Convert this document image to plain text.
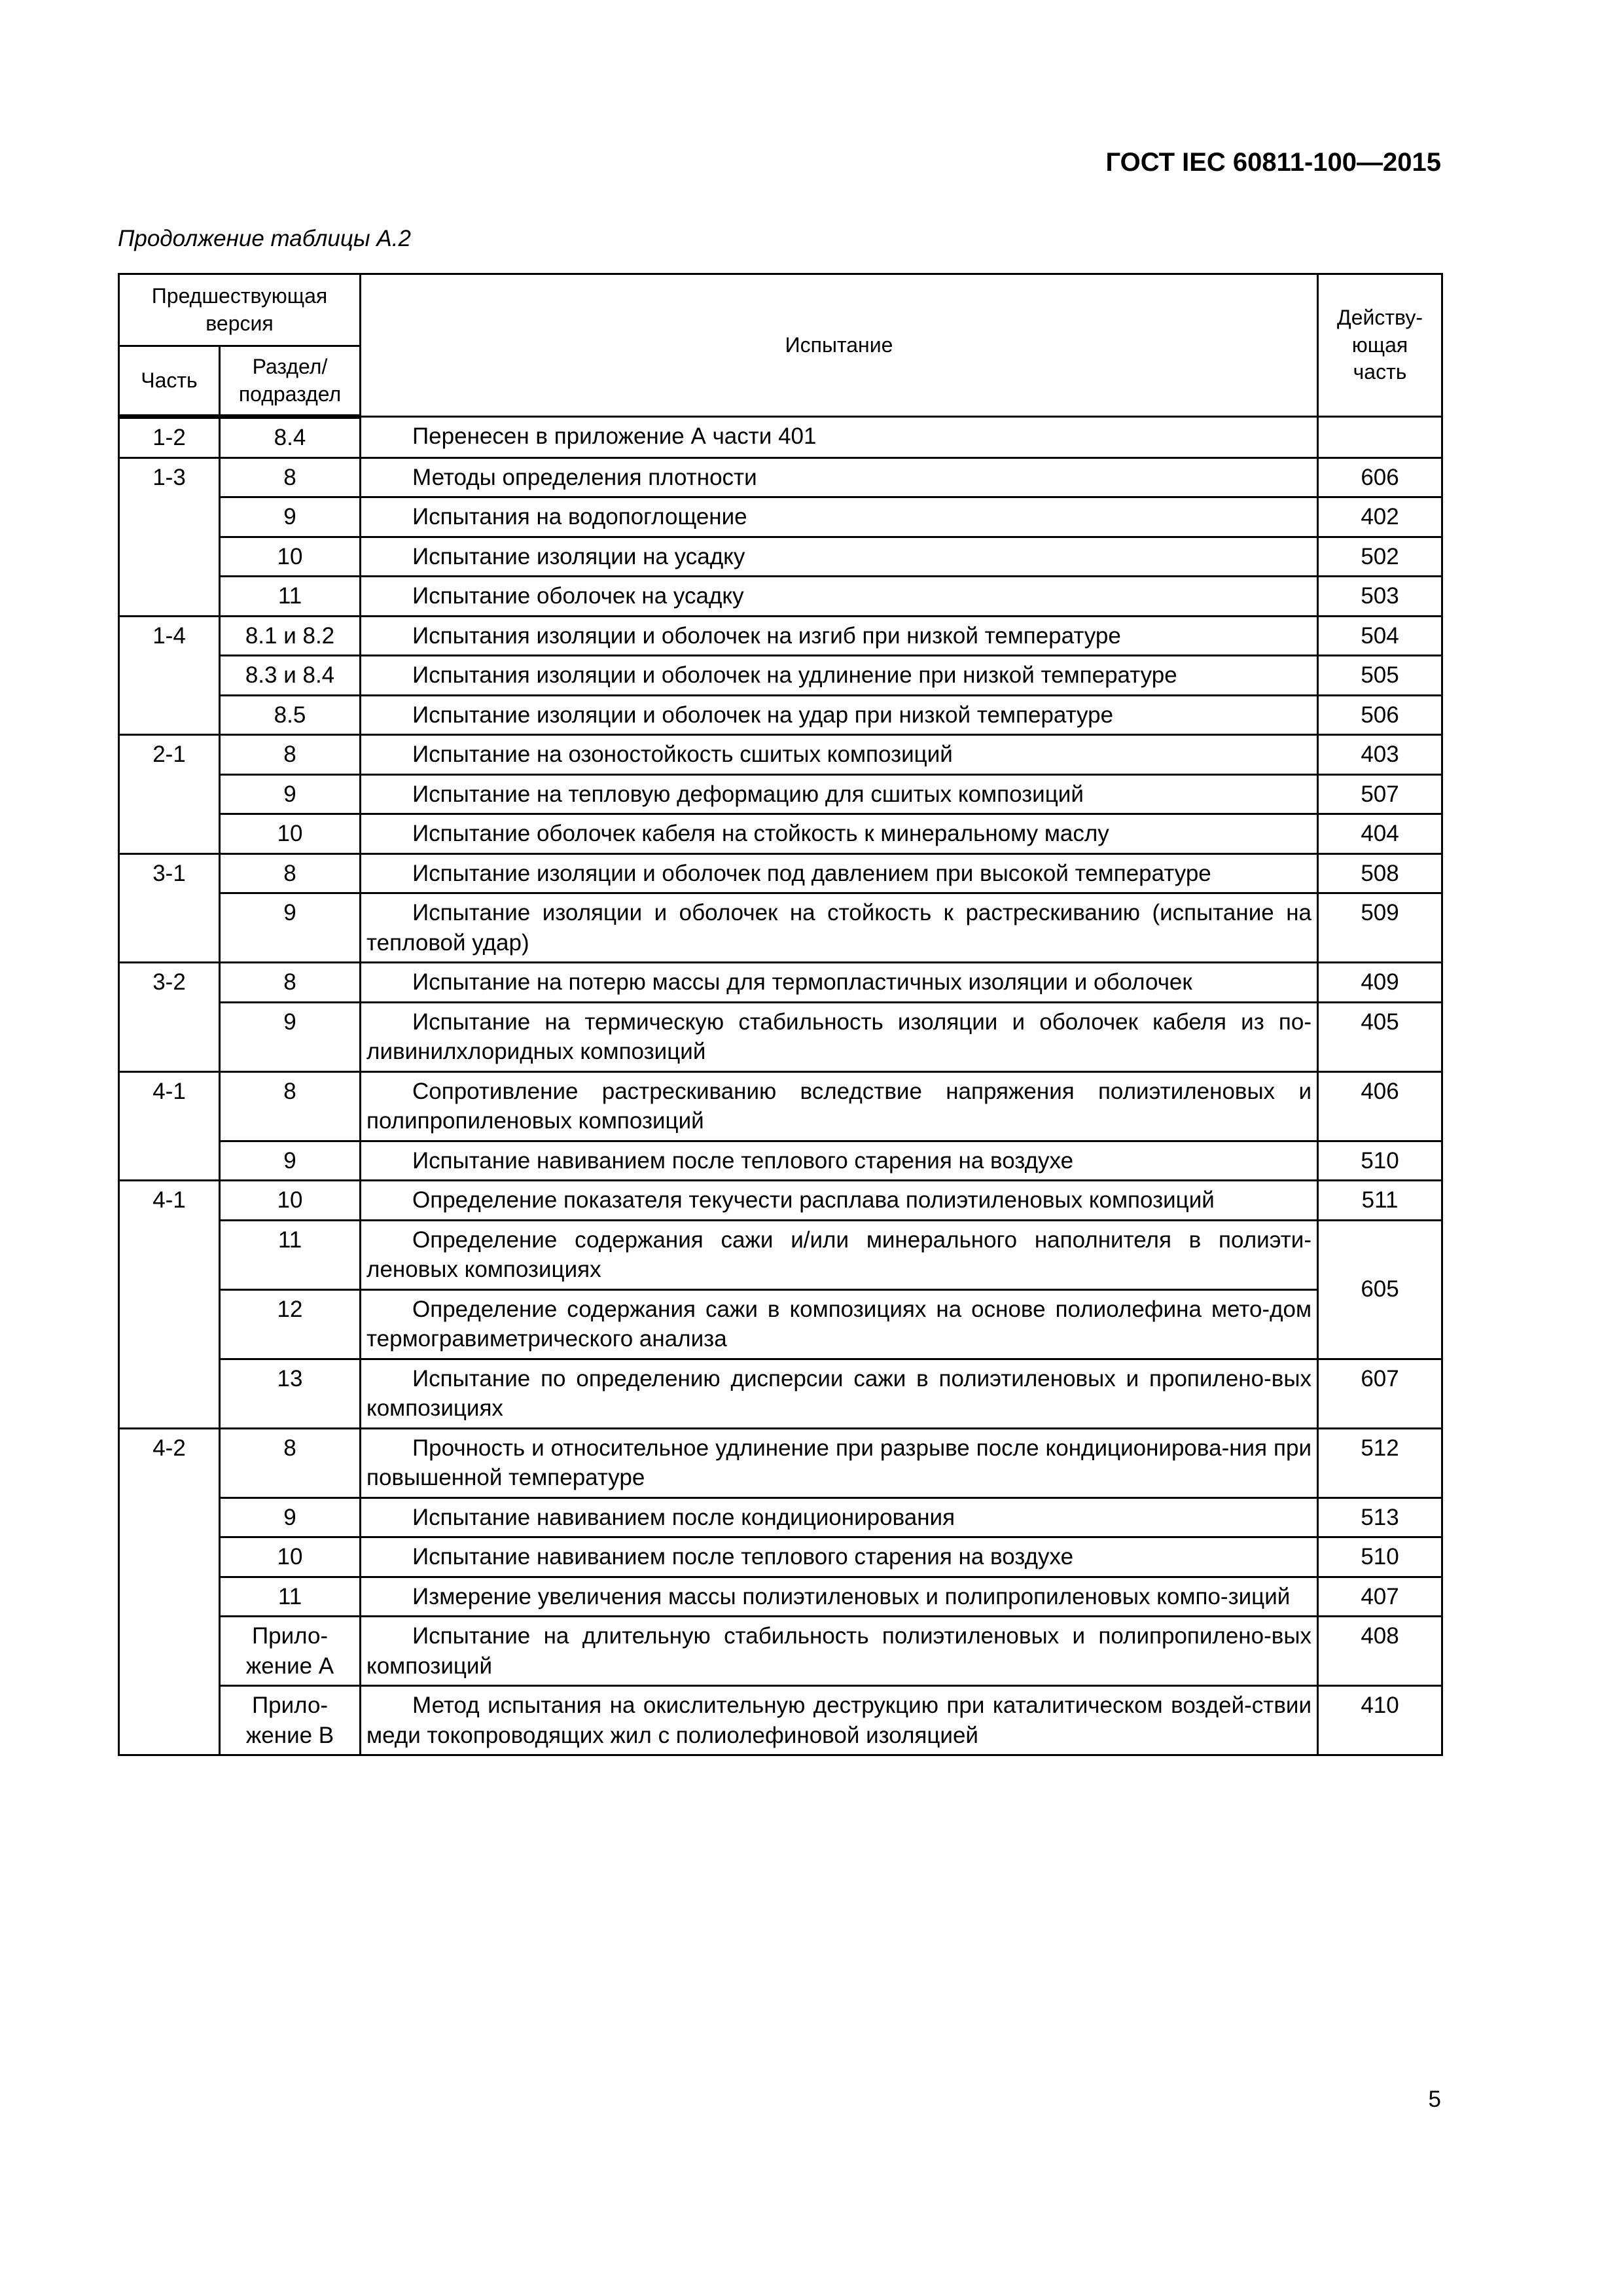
ГОСТ IEC 60811-100—2015
Продолжение таблицы А.2
Предшествующая версия		Испытание	Действу-ющая часть
Часть	Раздел/ подраздел		
1-2	8.4	Перенесен в приложение А части 401	
1-3	8	Методы определения плотности	606
	9	Испытания на водопоглощение	402
	10	Испытание изоляции на усадку	502
	11	Испытание оболочек на усадку	503
1-4	8.1 и 8.2	Испытания изоляции и оболочек на изгиб при низкой температуре	504
	8.3 и 8.4	Испытания изоляции и оболочек на удлинение при низкой температуре	505
	8.5	Испытание изоляции и оболочек на удар при низкой температуре	506
2-1	8	Испытание на озоностойкость сшитых композиций	403
	9	Испытание на тепловую деформацию для сшитых композиций	507
	10	Испытание оболочек кабеля на стойкость к минеральному маслу	404
3-1	8	Испытание изоляции и оболочек под давлением при высокой температуре	508
	9	Испытание изоляции и оболочек на стойкость к растрескиванию (испытание на тепловой удар)	509
3-2	8	Испытание на потерю массы для термопластичных изоляции и оболочек	409
	9	Испытание на термическую стабильность изоляции и оболочек кабеля из по-ливинилхлоридных композиций	405
4-1	8	Сопротивление растрескиванию вследствие напряжения полиэтиленовых и полипропиленовых композиций	406
	9	Испытание навиванием после теплового старения на воздухе	510
4-1	10	Определение показателя текучести расплава полиэтиленовых композиций	511
	11	Определение содержания сажи и/или минерального наполнителя в полиэти-леновых композициях	605
	12	Определение содержания сажи в композициях на основе полиолефина мето-дом термогравиметрического анализа	
	13	Испытание по определению дисперсии сажи в полиэтиленовых и пропилено-вых композициях	607
4-2	8	Прочность и относительное удлинение при разрыве после кондиционирова-ния при повышенной температуре	512
	9	Испытание навиванием после кондиционирования	513
	10	Испытание навиванием после теплового старения на воздухе	510
	11	Измерение увеличения массы полиэтиленовых и полипропиленовых компо-зиций	407
	Прило-жение А	Испытание на длительную стабильность полиэтиленовых и полипропилено-вых композиций	408
	Прило-жение В	Метод испытания на окислительную деструкцию при каталитическом воздей-ствии меди токопроводящих жил с полиолефиновой изоляцией	410
5
